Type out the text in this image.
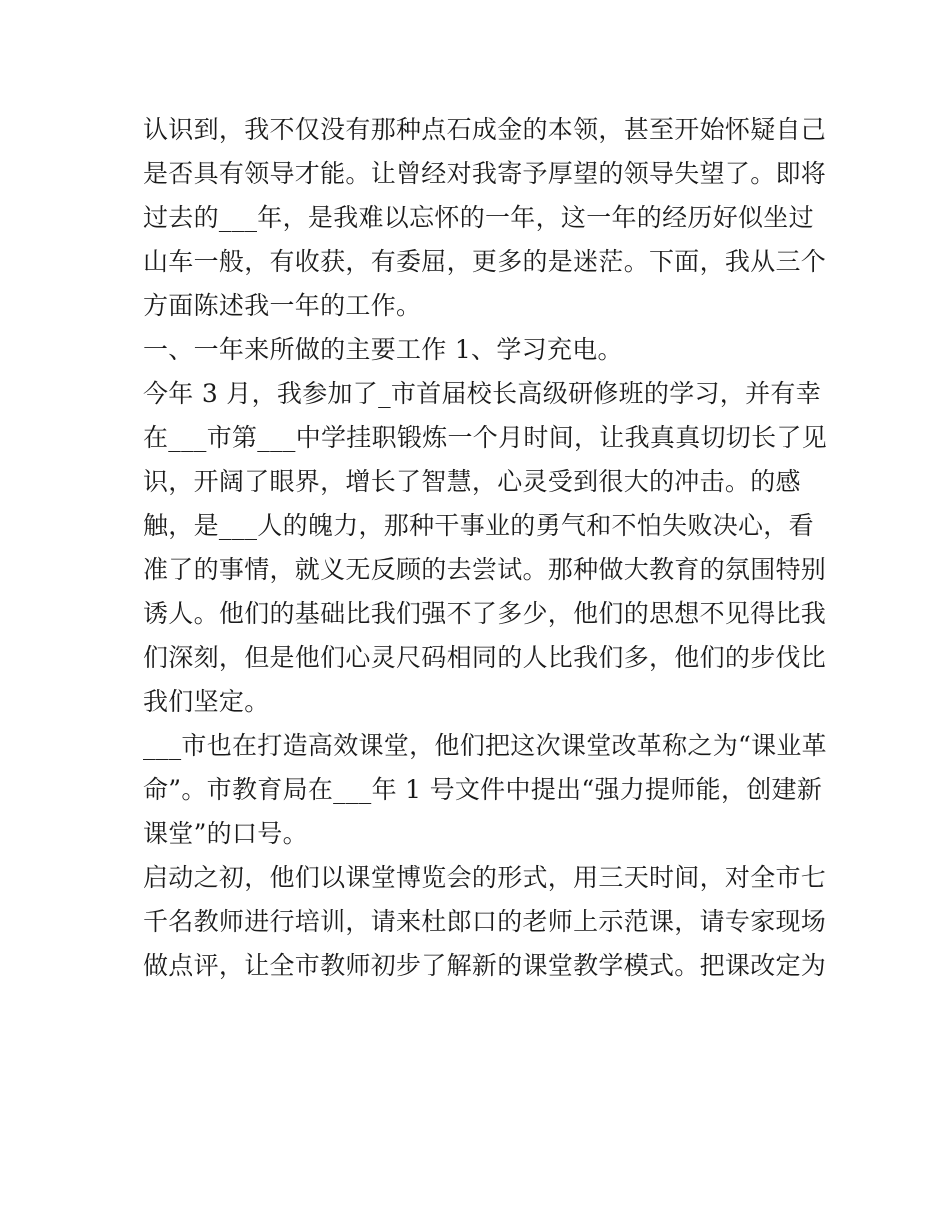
认识到，我不仅没有那种点石成金的本领，甚至开始怀疑自己
是否具有领导才能。让曾经对我寄予厚望的领导失望了。即将
过去的___年，是我难以忘怀的一年，这一年的经历好似坐过
山车一般，有收获，有委屈，更多的是迷茫。下面，我从三个
方面陈述我一年的工作。
一、一年来所做的主要工作 1、学习充电。
今年 3 月，我参加了_市首届校长高级研修班的学习，并有幸
在___市第___中学挂职锻炼一个月时间，让我真真切切长了见
识，开阔了眼界，增长了智慧，心灵受到很大的冲击。的感
触，是___人的魄力，那种干事业的勇气和不怕失败决心，看
准了的事情，就义无反顾的去尝试。那种做大教育的氛围特别
诱人。他们的基础比我们强不了多少，他们的思想不见得比我
们深刻，但是他们心灵尺码相同的人比我们多，他们的步伐比
我们坚定。
___市也在打造高效课堂，他们把这次课堂改革称之为“课业革
命”。市教育局在___年 1 号文件中提出“强力提师能，创建新
课堂”的口号。
启动之初，他们以课堂博览会的形式，用三天时间，对全市七
千名教师进行培训，请来杜郎口的老师上示范课，请专家现场
做点评，让全市教师初步了解新的课堂教学模式。把课改定为
